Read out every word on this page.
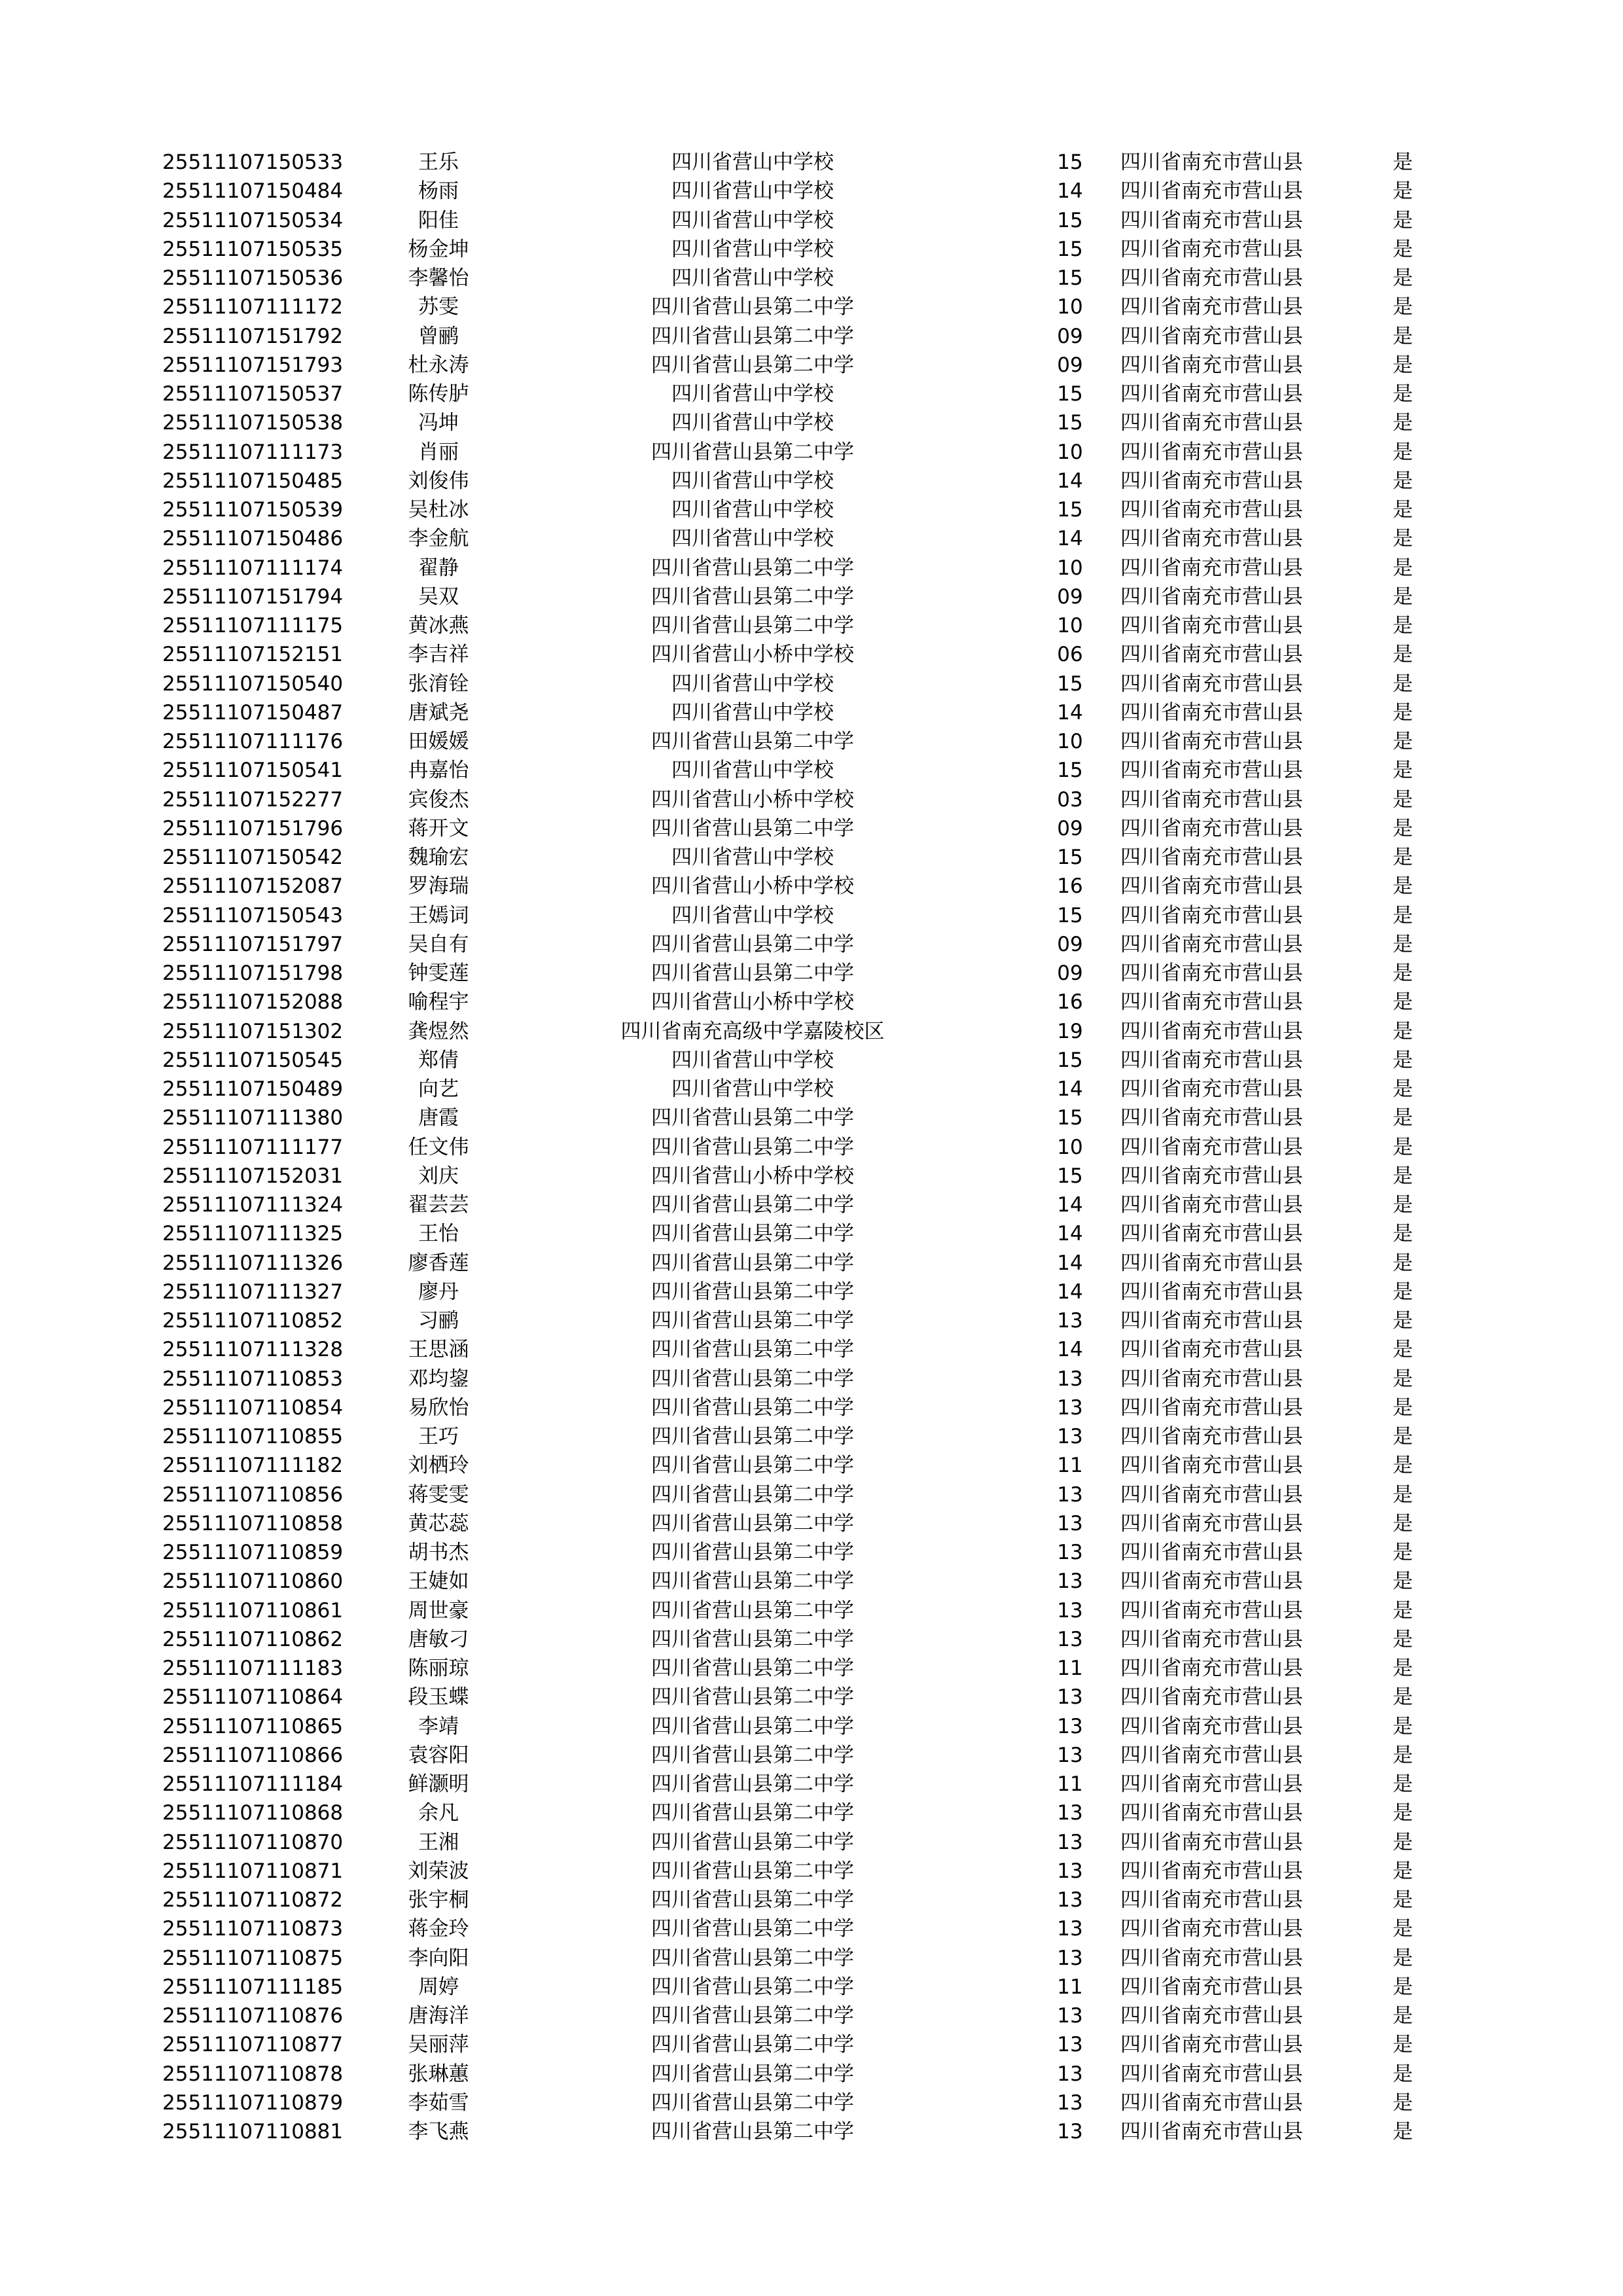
25511107150533	王乐	四川省营山中学校	15	四川省南充市营山县	是
25511107150484	杨雨	四川省营山中学校	14	四川省南充市营山县	是
25511107150534	阳佳	四川省营山中学校	15	四川省南充市营山县	是
25511107150535	杨金坤	四川省营山中学校	15	四川省南充市营山县	是
25511107150536	李馨怡	四川省营山中学校	15	四川省南充市营山县	是
25511107111172	苏雯	四川省营山县第二中学	10	四川省南充市营山县	是
25511107151792	曾鹂	四川省营山县第二中学	09	四川省南充市营山县	是
25511107151793	杜永涛	四川省营山县第二中学	09	四川省南充市营山县	是
25511107150537	陈传胪	四川省营山中学校	15	四川省南充市营山县	是
25511107150538	冯坤	四川省营山中学校	15	四川省南充市营山县	是
25511107111173	肖丽	四川省营山县第二中学	10	四川省南充市营山县	是
25511107150485	刘俊伟	四川省营山中学校	14	四川省南充市营山县	是
25511107150539	吴杜冰	四川省营山中学校	15	四川省南充市营山县	是
25511107150486	李金航	四川省营山中学校	14	四川省南充市营山县	是
25511107111174	翟静	四川省营山县第二中学	10	四川省南充市营山县	是
25511107151794	吴双	四川省营山县第二中学	09	四川省南充市营山县	是
25511107111175	黄冰燕	四川省营山县第二中学	10	四川省南充市营山县	是
25511107152151	李吉祥	四川省营山小桥中学校	06	四川省南充市营山县	是
25511107150540	张淯铨	四川省营山中学校	15	四川省南充市营山县	是
25511107150487	唐斌尧	四川省营山中学校	14	四川省南充市营山县	是
25511107111176	田媛媛	四川省营山县第二中学	10	四川省南充市营山县	是
25511107150541	冉嘉怡	四川省营山中学校	15	四川省南充市营山县	是
25511107152277	宾俊杰	四川省营山小桥中学校	03	四川省南充市营山县	是
25511107151796	蒋开文	四川省营山县第二中学	09	四川省南充市营山县	是
25511107150542	魏瑜宏	四川省营山中学校	15	四川省南充市营山县	是
25511107152087	罗海瑞	四川省营山小桥中学校	16	四川省南充市营山县	是
25511107150543	王嫣词	四川省营山中学校	15	四川省南充市营山县	是
25511107151797	吴自有	四川省营山县第二中学	09	四川省南充市营山县	是
25511107151798	钟雯莲	四川省营山县第二中学	09	四川省南充市营山县	是
25511107152088	喻程宇	四川省营山小桥中学校	16	四川省南充市营山县	是
25511107151302	龚煜然	四川省南充高级中学嘉陵校区	19	四川省南充市营山县	是
25511107150545	郑倩	四川省营山中学校	15	四川省南充市营山县	是
25511107150489	向艺	四川省营山中学校	14	四川省南充市营山县	是
25511107111380	唐霞	四川省营山县第二中学	15	四川省南充市营山县	是
25511107111177	任文伟	四川省营山县第二中学	10	四川省南充市营山县	是
25511107152031	刘庆	四川省营山小桥中学校	15	四川省南充市营山县	是
25511107111324	翟芸芸	四川省营山县第二中学	14	四川省南充市营山县	是
25511107111325	王怡	四川省营山县第二中学	14	四川省南充市营山县	是
25511107111326	廖香莲	四川省营山县第二中学	14	四川省南充市营山县	是
25511107111327	廖丹	四川省营山县第二中学	14	四川省南充市营山县	是
25511107110852	习鹂	四川省营山县第二中学	13	四川省南充市营山县	是
25511107111328	王思涵	四川省营山县第二中学	14	四川省南充市营山县	是
25511107110853	邓均鋆	四川省营山县第二中学	13	四川省南充市营山县	是
25511107110854	易欣怡	四川省营山县第二中学	13	四川省南充市营山县	是
25511107110855	王巧	四川省营山县第二中学	13	四川省南充市营山县	是
25511107111182	刘栖玲	四川省营山县第二中学	11	四川省南充市营山县	是
25511107110856	蒋雯雯	四川省营山县第二中学	13	四川省南充市营山县	是
25511107110858	黄芯蕊	四川省营山县第二中学	13	四川省南充市营山县	是
25511107110859	胡书杰	四川省营山县第二中学	13	四川省南充市营山县	是
25511107110860	王婕如	四川省营山县第二中学	13	四川省南充市营山县	是
25511107110861	周世豪	四川省营山县第二中学	13	四川省南充市营山县	是
25511107110862	唐敏刁	四川省营山县第二中学	13	四川省南充市营山县	是
25511107111183	陈丽琼	四川省营山县第二中学	11	四川省南充市营山县	是
25511107110864	段玉蝶	四川省营山县第二中学	13	四川省南充市营山县	是
25511107110865	李靖	四川省营山县第二中学	13	四川省南充市营山县	是
25511107110866	袁容阳	四川省营山县第二中学	13	四川省南充市营山县	是
25511107111184	鲜灏明	四川省营山县第二中学	11	四川省南充市营山县	是
25511107110868	余凡	四川省营山县第二中学	13	四川省南充市营山县	是
25511107110870	王湘	四川省营山县第二中学	13	四川省南充市营山县	是
25511107110871	刘荣波	四川省营山县第二中学	13	四川省南充市营山县	是
25511107110872	张宇桐	四川省营山县第二中学	13	四川省南充市营山县	是
25511107110873	蒋金玲	四川省营山县第二中学	13	四川省南充市营山县	是
25511107110875	李向阳	四川省营山县第二中学	13	四川省南充市营山县	是
25511107111185	周婷	四川省营山县第二中学	11	四川省南充市营山县	是
25511107110876	唐海洋	四川省营山县第二中学	13	四川省南充市营山县	是
25511107110877	吴丽萍	四川省营山县第二中学	13	四川省南充市营山县	是
25511107110878	张琳蕙	四川省营山县第二中学	13	四川省南充市营山县	是
25511107110879	李茹雪	四川省营山县第二中学	13	四川省南充市营山县	是
25511107110881	李飞燕	四川省营山县第二中学	13	四川省南充市营山县	是
